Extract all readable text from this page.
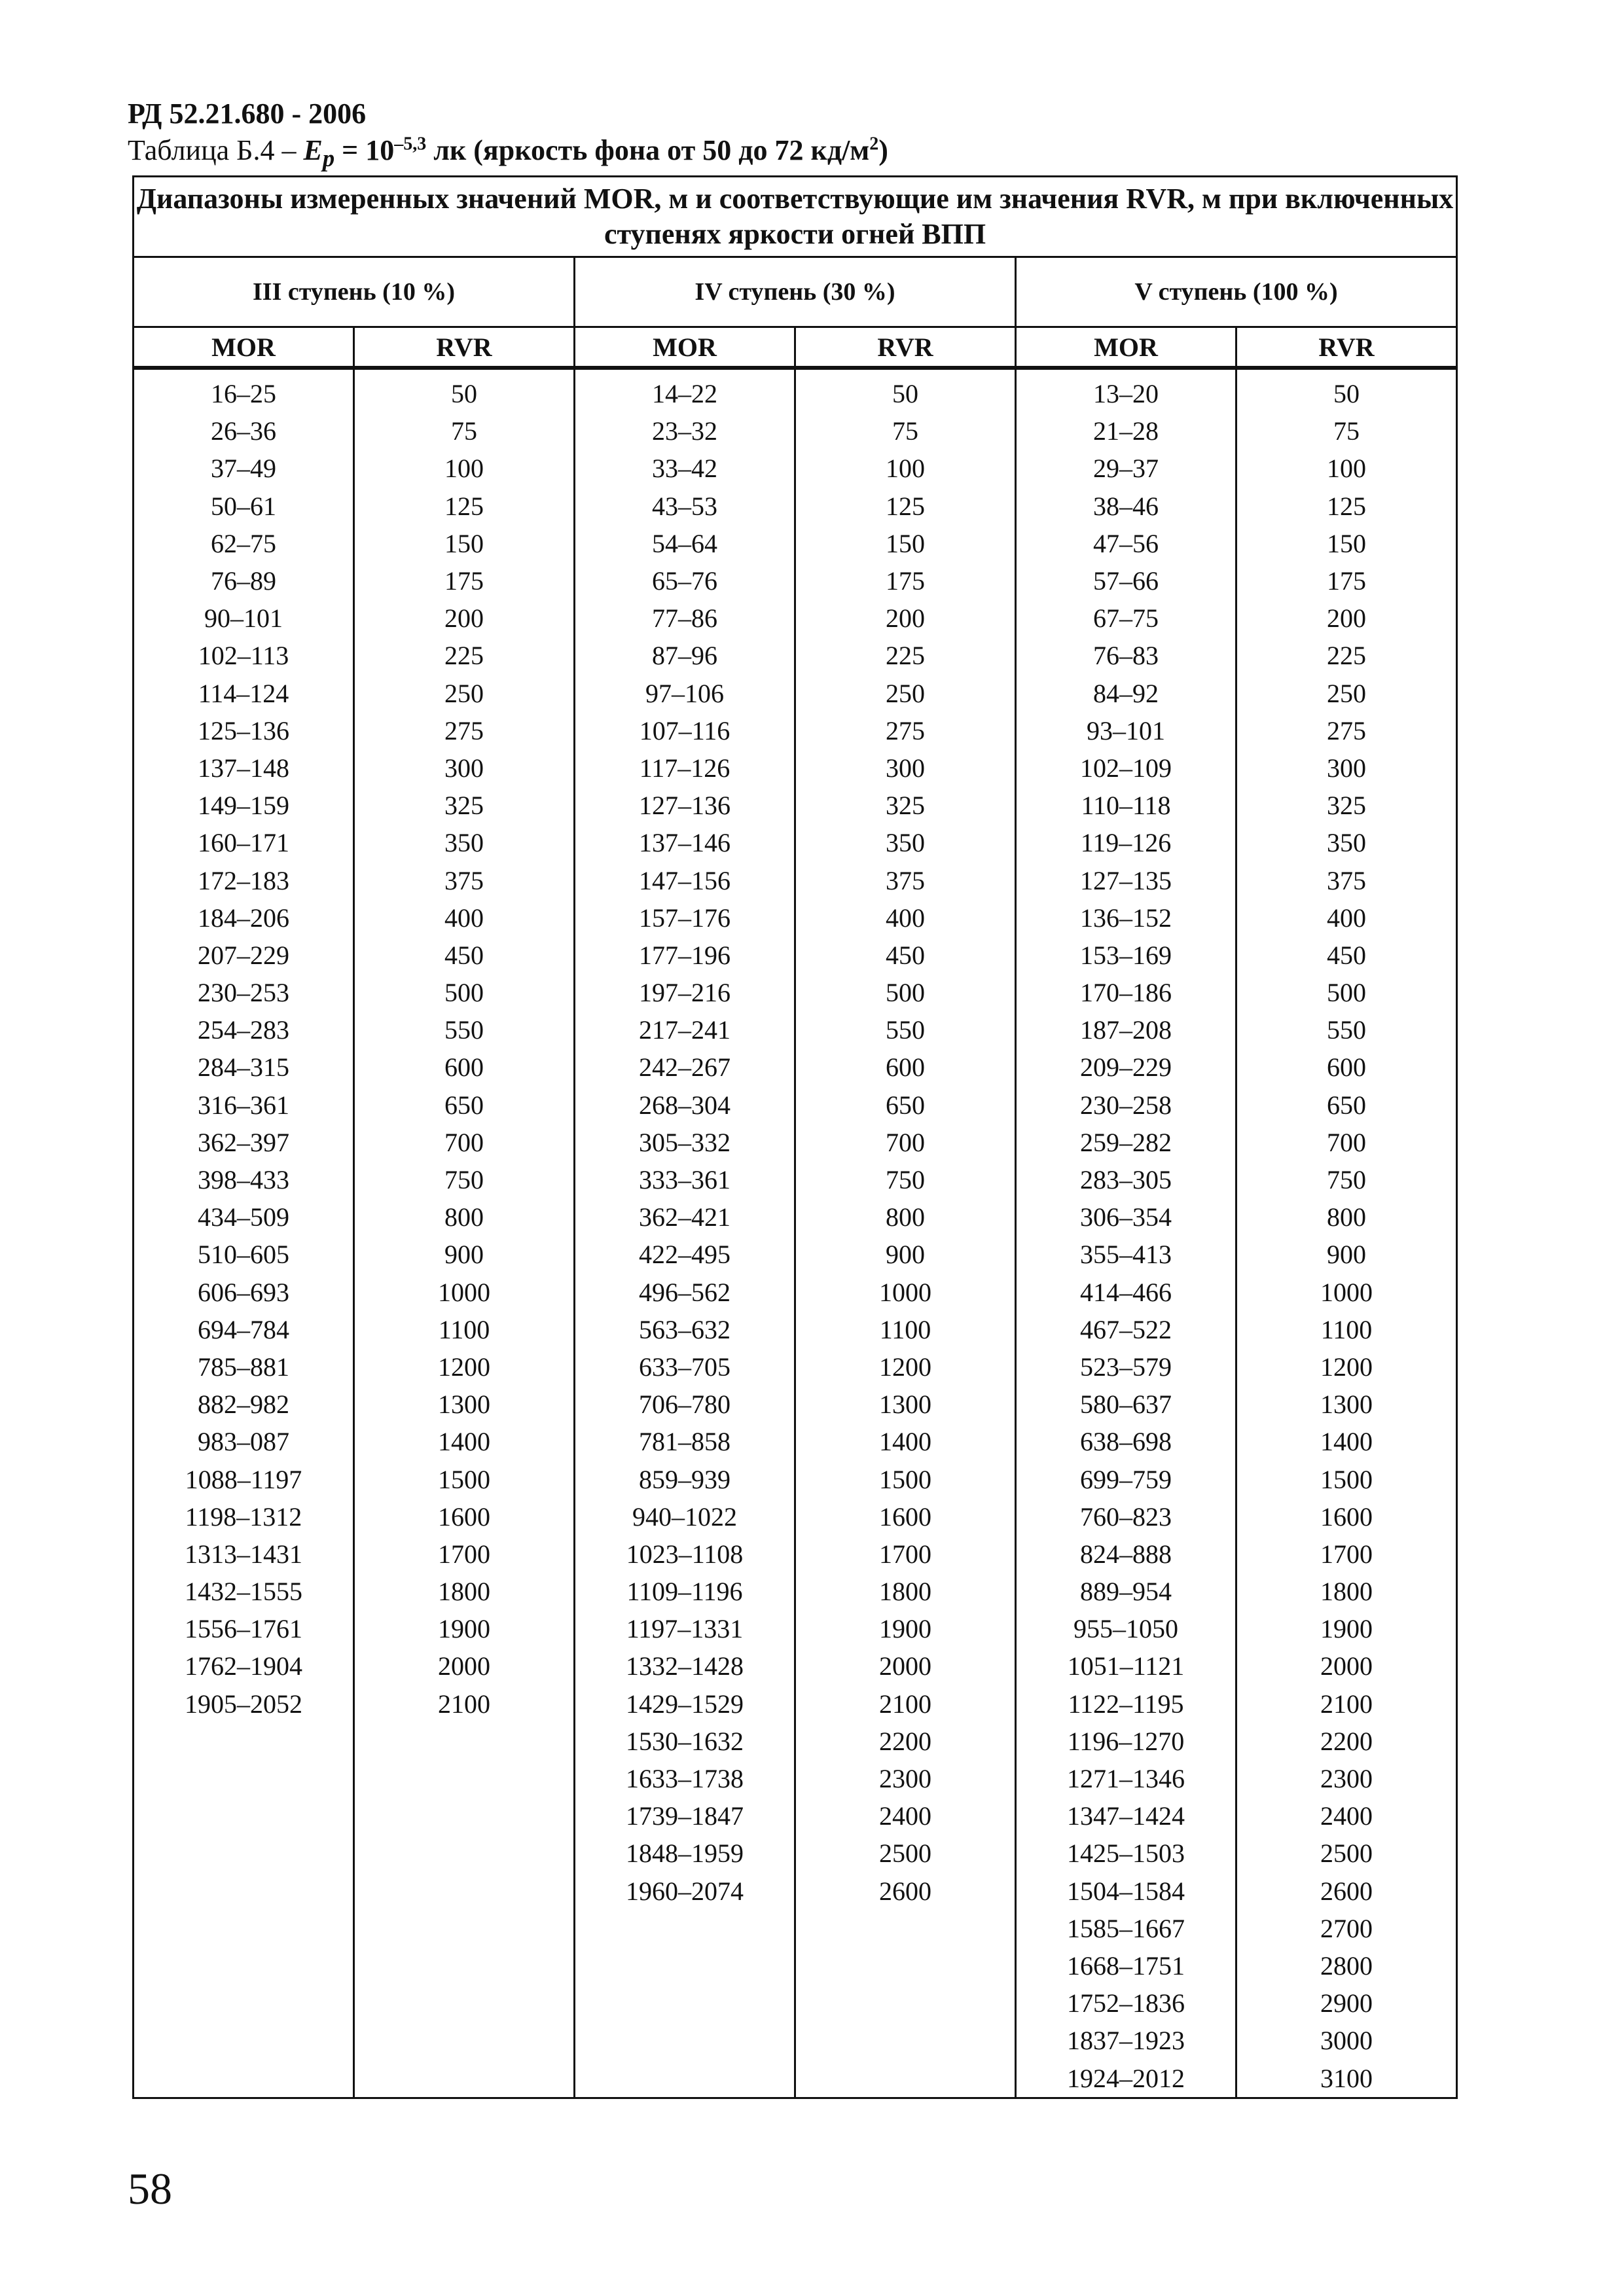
РД 52.21.680 - 2006
Таблица $Б.4 - E_p = 10^{-5,3}$ лк (яркость фона от 50 до 72 $кд/м^2$)
Диапазоны измеренных значений MOR, м и соответствующие им значения RVR, м при включенных ступенях яркости огней ВПП					
III ступень (10 %)		IV ступень (30 %)		V ступень (100 %)	
MOR	RVR	MOR	RVR	MOR	RVR
16–25	50	14–22	50	13–20	50
26–36	75	23–32	75	21–28	75
37–49	100	33–42	100	29–37	100
50–61	125	43–53	125	38–46	125
62–75	150	54–64	150	47–56	150
76–89	175	65–76	175	57–66	175
90–101	200	77–86	200	67–75	200
102–113	225	87–96	225	76–83	225
114–124	250	97–106	250	84–92	250
125–136	275	107–116	275	93–101	275
137–148	300	117–126	300	102–109	300
149–159	325	127–136	325	110–118	325
160–171	350	137–146	350	119–126	350
172–183	375	147–156	375	127–135	375
184–206	400	157–176	400	136–152	400
207–229	450	177–196	450	153–169	450
230–253	500	197–216	500	170–186	500
254–283	550	217–241	550	187–208	550
284–315	600	242–267	600	209–229	600
316–361	650	268–304	650	230–258	650
362–397	700	305–332	700	259–282	700
398–433	750	333–361	750	283–305	750
434–509	800	362–421	800	306–354	800
510–605	900	422–495	900	355–413	900
606–693	1000	496–562	1000	414–466	1000
694–784	1100	563–632	1100	467–522	1100
785–881	1200	633–705	1200	523–579	1200
882–982	1300	706–780	1300	580–637	1300
983–087	1400	781–858	1400	638–698	1400
1088–1197	1500	859–939	1500	699–759	1500
1198–1312	1600	940–1022	1600	760–823	1600
1313–1431	1700	1023–1108	1700	824–888	1700
1432–1555	1800	1109–1196	1800	889–954	1800
1556–1761	1900	1197–1331	1900	955–1050	1900
1762–1904	2000	1332–1428	2000	1051–1121	2000
1905–2052	2100	1429–1529	2100	1122–1195	2100
		1530–1632	2200	1196–1270	2200
		1633–1738	2300	1271–1346	2300
		1739–1847	2400	1347–1424	2400
		1848–1959	2500	1425–1503	2500
		1960–2074	2600	1504–1584	2600
				1585–1667	2700
				1668–1751	2800
				1752–1836	2900
				1837–1923	3000
				1924–2012	3100
58
